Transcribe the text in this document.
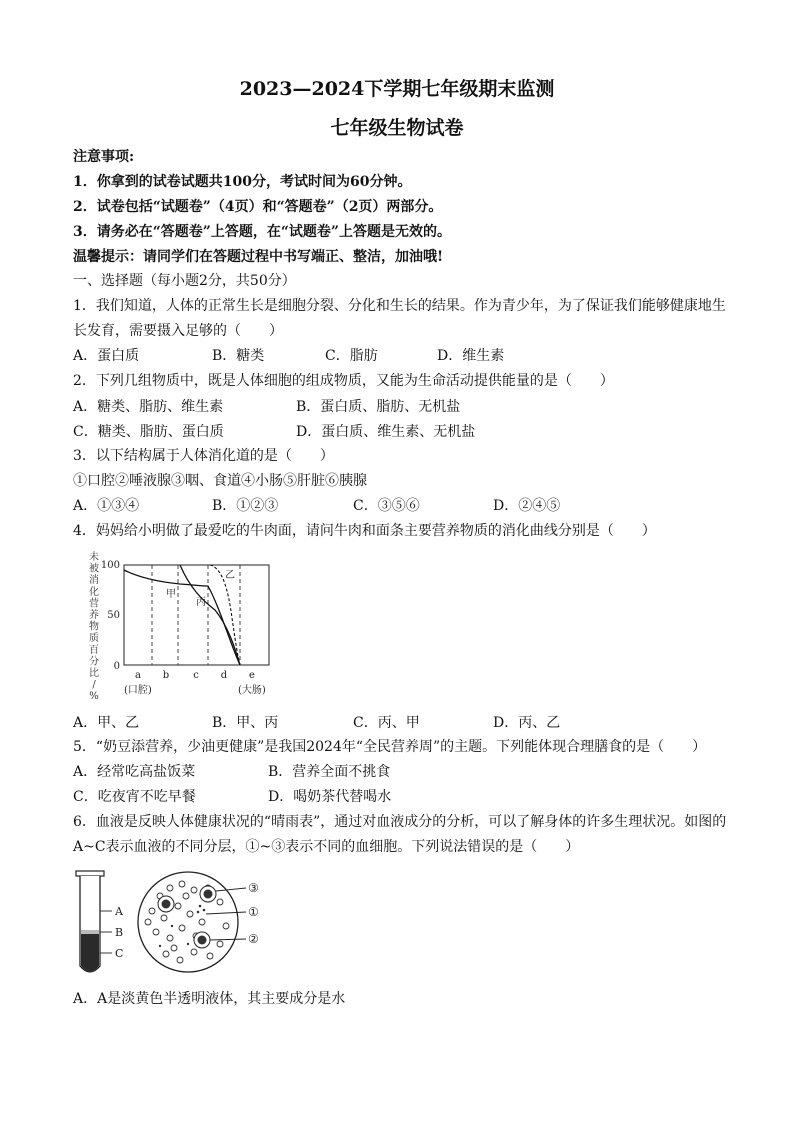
2023—2024下学期七年级期末监测
七年级生物试卷
注意事项:
1．你拿到的试卷试题共100分，考试时间为60分钟。
2．试卷包括“试题卷”（4页）和“答题卷”（2页）两部分。
3．请务必在“答题卷”上答题，在“试题卷”上答题是无效的。
温馨提示：请同学们在答题过程中书写端正、整洁，加油哦!
一、选择题（每小题2分，共50分）
1．我们知道，人体的正常生长是细胞分裂、分化和生长的结果。作为青少年，为了保证我们能够健康地生
长发育，需要摄入足够的（　　）
A．蛋白质	B．糖类	C．脂肪	D．维生素
2．下列几组物质中，既是人体细胞的组成物质，又能为生命活动提供能量的是（　　）
A．糖类、脂肪、维生素	B．蛋白质、脂肪、无机盐
C．糖类、脂肪、蛋白质	D．蛋白质、维生素、无机盐
3．以下结构属于人体消化道的是（　　）
①口腔②唾液腺③咽、食道④小肠⑤肝脏⑥胰腺
A．①③④	B．①②③	C．③⑤⑥	D．②④⑤
4．妈妈给小明做了最爱吃的牛肉面，请问牛肉和面条主要营养物质的消化曲线分别是（　　）
未被消化营养物质百分比/ %
100
50
0
甲
乙
丙
a b c d e
(口腔)	(大肠)
A．甲、乙	B．甲、丙	C．丙、甲	D．丙、乙
5．“奶豆添营养，少油更健康”是我国2024年“全民营养周”的主题。下列能体现合理膳食的是（　　）
A．经常吃高盐饭菜	B．营养全面不挑食
C．吃夜宵不吃早餐	D．喝奶茶代替喝水
6．血液是反映人体健康状况的“晴雨表”，通过对血液成分的分析，可以了解身体的许多生理状况。如图的
A~C表示血液的不同分层，①~③表示不同的血细胞。下列说法错误的是（　　）
A
B
C
③
①
②
A．A是淡黄色半透明液体，其主要成分是水
